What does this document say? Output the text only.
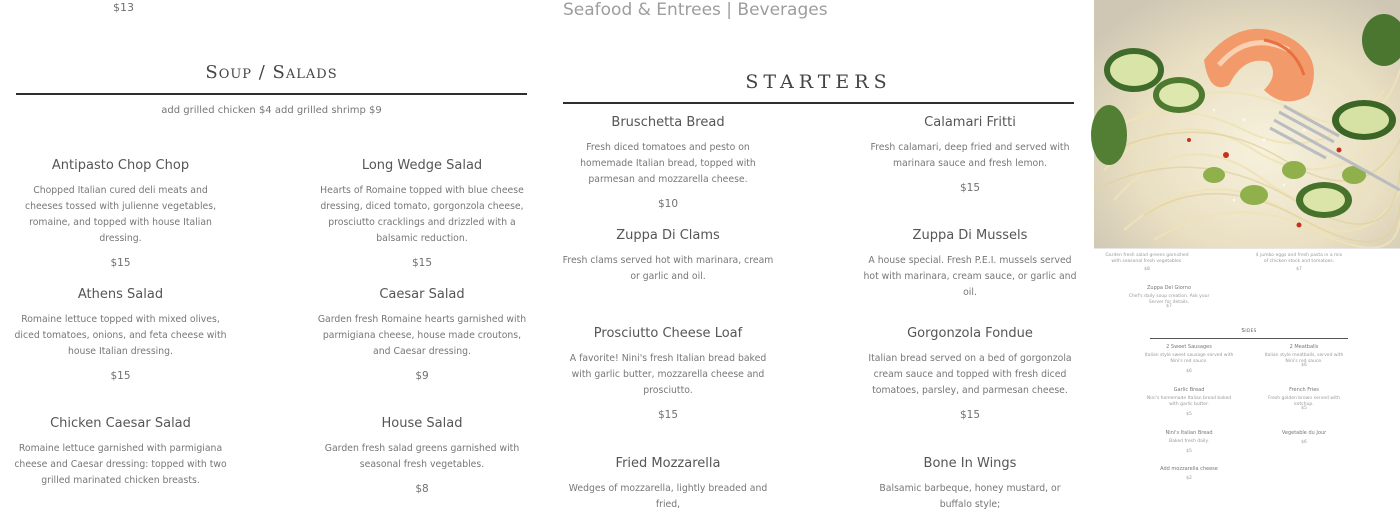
$13
Soup / Salads
add grilled chicken $4 add grilled shrimp $9
Antipasto Chop Chop
Chopped Italian cured deli meats and cheeses tossed with julienne vegetables, romaine, and topped with house Italian dressing.
$15
Long Wedge Salad
Hearts of Romaine topped with blue cheese dressing, diced tomato, gorgonzola cheese, prosciutto cracklings and drizzled with a balsamic reduction.
$15
Athens Salad
Romaine lettuce topped with mixed olives, diced tomatoes, onions, and feta cheese with house Italian dressing.
$15
Caesar Salad
Garden fresh Romaine hearts garnished with parmigiana cheese, house made croutons, and Caesar dressing.
$9
Chicken Caesar Salad
Romaine lettuce garnished with parmigiana cheese and Caesar dressing: topped with two grilled marinated chicken breasts.
House Salad
Garden fresh salad greens garnished with seasonal fresh vegetables.
$8
Seafood & Entrees | Beverages
STARTERS
Bruschetta Bread
Fresh diced tomatoes and pesto on homemade Italian bread, topped with parmesan and mozzarella cheese.
$10
Calamari Fritti
Fresh calamari, deep fried and served with marinara sauce and fresh lemon.
$15
Zuppa Di Clams
Fresh clams served hot with marinara, cream or garlic and oil.
Zuppa Di Mussels
A house special. Fresh P.E.I. mussels served hot with marinara, cream sauce, or garlic and oil.
Prosciutto Cheese Loaf
A favorite! Nini's fresh Italian bread baked with garlic butter, mozzarella cheese and prosciutto.
$15
Gorgonzola Fondue
Italian bread served on a bed of gorgonzola cream sauce and topped with fresh diced tomatoes, parsley, and parmesan cheese.
$15
Fried Mozzarella
Wedges of mozzarella, lightly breaded and fried,
Bone In Wings
Balsamic barbeque, honey mustard, or buffalo style;
Garden fresh salad greens garnished with seasonal fresh vegetables.
$8
4 jumbo eggs and fresh pasta in a mix of chicken stock and tomatoes.
$7
Zuppa Del Giorno
Chef's daily soup creation. Ask your Server for details.
$7
Sides
2 Sweet Sausages
Italian style sweet sausage served with Nini's red sauce.
$6
2 Meatballs
Italian style meatballs, served with Nini's red sauce.
$6
Garlic Bread
Nini's homemade Italian bread baked with garlic butter.
$5
French Fries
Fresh golden brown served with ketchup.
$5
Nini's Italian Bread
Baked fresh daily.
$5
Vegetable du Jour
$6
Add mozzarella cheese
$2
